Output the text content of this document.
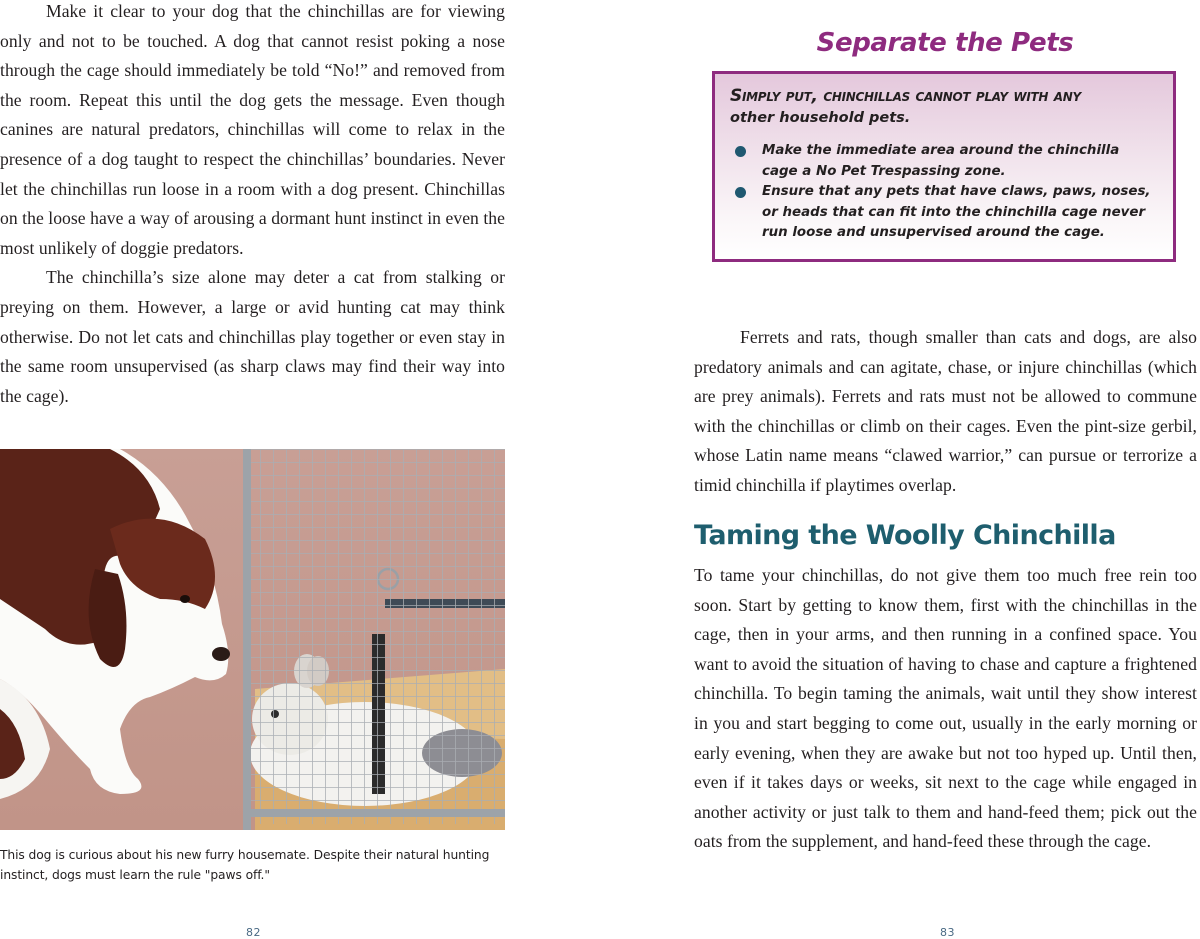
Make it clear to your dog that the chinchillas are for viewing only and not to be touched. A dog that cannot resist poking a nose through the cage should immediately be told “No!” and removed from the room. Repeat this until the dog gets the message. Even though canines are natural predators, chinchillas will come to relax in the presence of a dog taught to respect the chinchillas’ boundaries. Never let the chinchillas run loose in a room with a dog present. Chinchillas on the loose have a way of arousing a dormant hunt instinct in even the most unlikely of doggie predators.

The chinchilla’s size alone may deter a cat from stalking or preying on them. However, a large or avid hunting cat may think otherwise. Do not let cats and chinchillas play together or even stay in the same room unsupervised (as sharp claws may find their way into the cage).

This dog is curious about his new furry housemate. Despite their natural hunting instinct, dogs must learn the rule "paws off."

82
Separate the Pets

Simply put, chinchillas cannot play with any
other household pets.

Make the immediate area around the chinchilla cage a No Pet Trespassing zone.
Ensure that any pets that have claws, paws, noses, or heads that can fit into the chinchilla cage never run loose and unsupervised around the cage.

Ferrets and rats, though smaller than cats and dogs, are also predatory animals and can agitate, chase, or injure chinchillas (which are prey animals). Ferrets and rats must not be allowed to commune with the chinchillas or climb on their cages. Even the pint-size gerbil, whose Latin name means “clawed warrior,” can pursue or terrorize a timid chinchilla if playtimes overlap.

Taming the Woolly Chinchilla

To tame your chinchillas, do not give them too much free rein too soon. Start by getting to know them, first with the chinchillas in the cage, then in your arms, and then running in a confined space. You want to avoid the situation of having to chase and capture a frightened chinchilla. To begin taming the animals, wait until they show interest in you and start begging to come out, usually in the early morning or early evening, when they are awake but not too hyped up. Until then, even if it takes days or weeks, sit next to the cage while engaged in another activity or just talk to them and hand-feed them; pick out the oats from the supplement, and hand-feed these through the cage.

83
